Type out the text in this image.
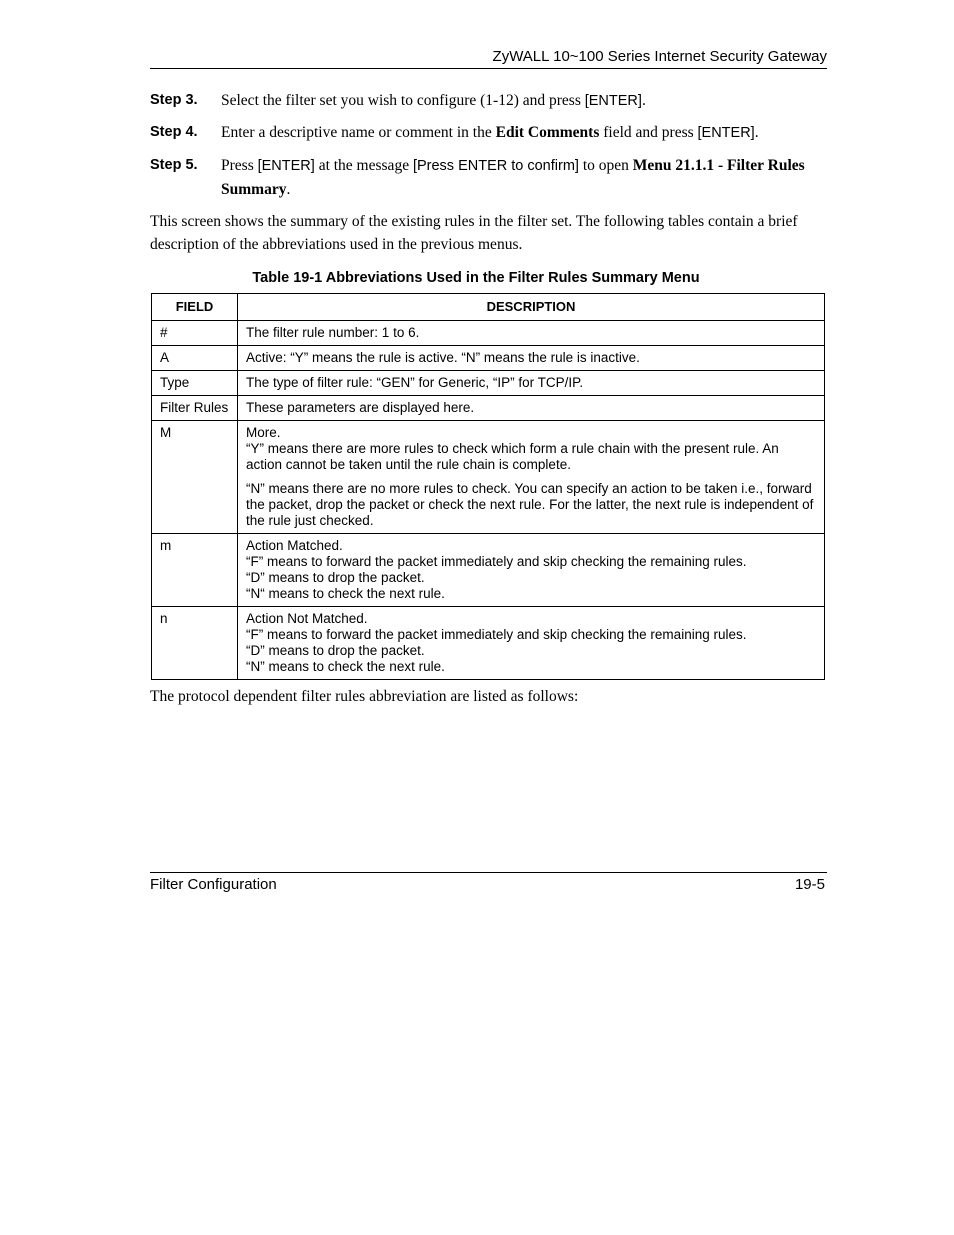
ZyWALL 10~100 Series Internet Security Gateway
Step 3. Select the filter set you wish to configure (1-12) and press [ENTER].
Step 4. Enter a descriptive name or comment in the Edit Comments field and press [ENTER].
Step 5. Press [ENTER] at the message [Press ENTER to confirm] to open Menu 21.1.1 - Filter Rules Summary.
This screen shows the summary of the existing rules in the filter set. The following tables contain a brief description of the abbreviations used in the previous menus.
Table 19-1 Abbreviations Used in the Filter Rules Summary Menu
FIELD	DESCRIPTION
#	The filter rule number: 1 to 6.

A	Active: “Y” means the rule is active. “N” means the rule is inactive.

Type	The type of filter rule: “GEN” for Generic, “IP” for TCP/IP.

Filter Rules	These parameters are displayed here.

M	More.
“Y” means there are more rules to check which form a rule chain with the present rule. An action cannot be taken until the rule chain is complete.
“N” means there are no more rules to check. You can specify an action to be taken i.e., forward the packet, drop the packet or check the next rule. For the latter, the next rule is independent of the rule just checked.

m	Action Matched.
“F” means to forward the packet immediately and skip checking the remaining rules.
“D” means to drop the packet.
“N“ means to check the next rule.

n	Action Not Matched.
“F” means to forward the packet immediately and skip checking the remaining rules.
“D” means to drop the packet.
“N” means to check the next rule.
The protocol dependent filter rules abbreviation are listed as follows:
Filter Configuration	19-5
